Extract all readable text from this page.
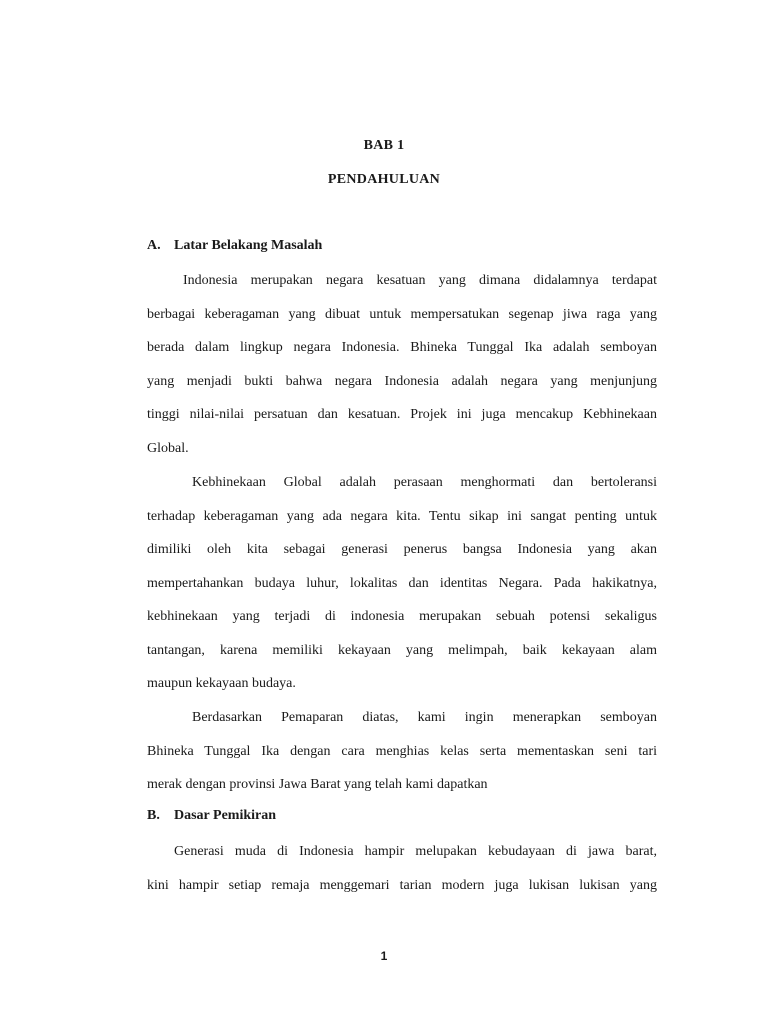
BAB 1
PENDAHULUAN
A. Latar Belakang Masalah
Indonesia merupakan negara kesatuan yang dimana didalamnya terdapat
berbagai keberagaman yang dibuat untuk mempersatukan segenap jiwa raga yang
berada dalam lingkup negara Indonesia. Bhineka Tunggal Ika adalah semboyan
yang menjadi bukti bahwa negara Indonesia adalah negara yang menjunjung
tinggi nilai-nilai persatuan dan kesatuan. Projek ini juga mencakup Kebhinekaan
Global.
Kebhinekaan Global adalah perasaan menghormati dan bertoleransi
terhadap keberagaman yang ada negara kita. Tentu sikap ini sangat penting untuk
dimiliki oleh kita sebagai generasi penerus bangsa Indonesia yang akan
mempertahankan budaya luhur, lokalitas dan identitas Negara. Pada hakikatnya,
kebhinekaan yang terjadi di indonesia merupakan sebuah potensi sekaligus
tantangan, karena memiliki kekayaan yang melimpah, baik kekayaan alam
maupun kekayaan budaya.
Berdasarkan Pemaparan diatas, kami ingin menerapkan semboyan
Bhineka Tunggal Ika dengan cara menghias kelas serta mementaskan seni tari
merak dengan provinsi Jawa Barat yang telah kami dapatkan
B. Dasar Pemikiran
Generasi muda di Indonesia hampir melupakan kebudayaan di jawa barat,
kini hampir setiap remaja menggemari tarian modern juga lukisan lukisan yang
1
